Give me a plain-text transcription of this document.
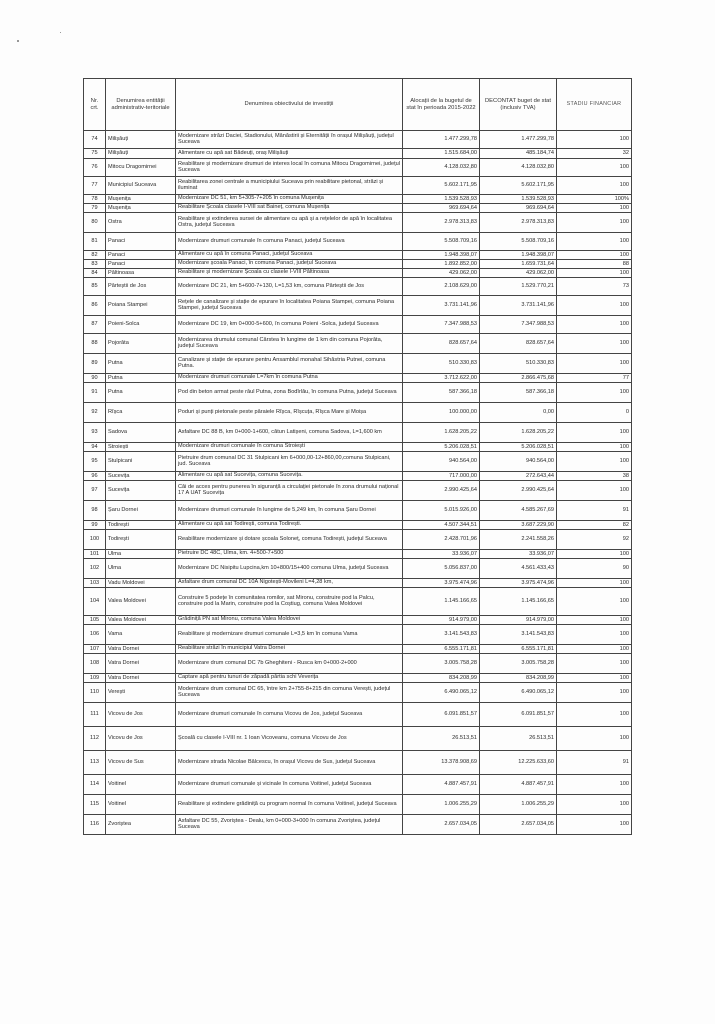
Nr. crt.	Denumirea entității administrativ-teritoriale	Denumirea obiectivului de investiții	Alocații de la bugetul de stat în perioada 2015-2022	DECONTAT buget de stat (inclusiv TVA)	STADIU FINANCIAR
74	Milișăuți	Modernizare străzi Daciei, Stadionului, Mănăstirii și Eternității în orașul Milișăuți, județul Suceava	1.477.299,78	1.477.299,78	100
75	Milișăuți	Alimentare cu apă sat Bădeuți, oraș Milișăuți	1.515.684,00	485.184,74	32
76	Mitocu Dragomirnei	Reabilitare și modernizare drumuri de interes local în comuna Mitocu Dragomirnei, județul Suceava	4.128.032,80	4.128.032,80	100
77	Municipiul Suceava	Reabilitarea zonei centrale a municipiului Suceava prin reabilitare pietonal, străzi și iluminat	5.602.171,95	5.602.171,95	100
78	Mușenița	Modernizare DC 51, km 5+305-7+205 în comuna Mușenița	1.539.528,93	1.539.528,93	100%
79	Mușenița	Reabilitare Școala clasele I-VIII sat Baineț, comuna Mușenița	969.694,64	969.694,64	100
80	Ostra	Reabilitare și extinderea sursei de alimentare cu apă și a rețelelor de apă în localitatea Ostra, județul Suceava	2.978.313,83	2.978.313,83	100
81	Panaci	Modernizare drumuri comunale în comuna Panaci, județul Suceava	5.508.709,16	5.508.709,16	100
82	Panaci	Alimentare cu apă în comuna Panaci, județul Suceava	1.948.398,07	1.948.398,07	100
83	Panaci	Modernizare școala Panaci, în comuna Panaci, județul Suceava	1.892.852,00	1.659.731,64	88
84	Păltinoasa	Reabilitare și modernizare Școala cu clasele I-VIII Păltinoasa	429.062,00	429.062,00	100
85	Pârteștii de Jos	Modernizare DC 21, km 5+600-7+130, L=1,53 km, comuna Pârteștii de Jos	2.108.629,00	1.529.770,21	73
86	Poiana Stampei	Rețele de canalizare și stație de epurare în localitatea Poiana Stampei, comuna Poiana Stampei, județul Suceava	3.731.141,96	3.731.141,96	100
87	Poieni-Solca	Modernizare DC 19, km 0+000-5+600, în comuna Poieni -Solca, județul Suceava	7.347.988,53	7.347.988,53	100
88	Pojorâta	Modernizarea drumului comunal Cârstea în lungime de 1 km din comuna Pojorâta, județul Suceava	828.657,64	828.657,64	100
89	Putna	Canalizare și stație de epurare pentru Ansamblul monahal Sihăstria Putnei, comuna Putna.	510.330,83	510.330,83	100
90	Putna	Modernizare drumuri comunale L=7km în comuna Putna	3.712.622,00	2.866.475,68	77
91	Putna	Pod din beton armat peste râul Putna, zona Bodîrlău, în comuna Putna, județul Suceava	587.366,18	587.366,18	100
92	Rîșca	Poduri și punți pietonale peste pâraiele Rîșca, Rîșcuța, Rîșca Mare și Moișa	100.000,00	0,00	0
93	Sadova	Asfaltare DC 88 B, km 0+000-1+600, cătun Latișeni, comuna Sadova, L=1,600 km	1.628.205,22	1.628.205,22	100
94	Stroiești	Modernizare drumuri comunale în comuna Stroiești	5.206.028,51	5.206.028,51	100
95	Stulpicani	Pietruire drum comunal DC 31 Stulpicani km 6+000,00-12+860,00,comuna Stulpicani, jud. Suceava	940.564,00	940.564,00	100
96	Sucevița	Alimentare cu apă sat Sucevița, comuna Sucevița.	717.000,00	272.643,44	38
97	Sucevița	Căi de acces pentru punerea în siguranță a circulației pietonale în zona drumului național 17 A UAT Sucevița	2.990.425,64	2.990.425,64	100
98	Șaru Dornei	Modernizare drumuri comunale în lungime de 5,249 km, în comuna Șaru Dornei	5.015.926,00	4.585.267,69	91
99	Todirești	Alimentare cu apă sat Todirești, comuna Todirești.	4.507.344,51	3.687.229,90	82
100	Todirești	Reabilitare modernizare și dotare școala Soloneț, comuna Todirești, județul Suceava	2.428.701,96	2.241.558,26	92
101	Ulma	Pietruire DC 48C, Ulma, km. 4+500-7+500	33.936,07	33.936,07	100
102	Ulma	Modernizare DC Nisipitu Lupcina,km 10+800/15+400 comuna Ulma, județul Suceava	5.056.837,00	4.561.433,43	90
103	Vadu Moldovei	Asfaltare drum comunal DC 10A Nigotești-Movileni L=4,28 km,	3.975.474,96	3.975.474,96	100
104	Valea Moldovei	Construire 5 podețe în comunitatea romilor, sat Mironu, construire pod la Palcu, construire pod la Marin, construire pod la Coștiug, comuna Valea Moldovei	1.145.166,65	1.145.166,65	100
105	Valea Moldovei	Grădiniță PN sat Mironu, comuna Valea Moldovei	914.979,00	914.979,00	100
106	Vama	Reabilitare și modernizare drumuri comunale L=3,5 km în comuna Vama	3.141.543,83	3.141.543,83	100
107	Vatra Dornei	Reabilitare străzi în municipiul Vatra Dornei	6.555.171,81	6.555.171,81	100
108	Vatra Dornei	Modernizare drum comunal DC 7b Gheghiteni - Rusca km 0+000-2+000	3.005.758,28	3.005.758,28	100
109	Vatra Dornei	Captare apă pentru tunuri de zăpadă pârtia schi Veverița	834.208,99	834.208,99	100
110	Verești	Modernizare drum comunal DC 65, între km 2+755-8+215 din comuna Verești, județul Suceava	6.490.065,12	6.490.065,12	100
111	Vicovu de Jos	Modernizare drumuri comunale în comuna Vicovu de Jos, județul Suceava	6.091.851,57	6.091.851,57	100
112	Vicovu de Jos	Școală cu clasele I-VIII nr. 1 Ioan Vicoveanu, comuna Vicovu de Jos	26.513,51	26.513,51	100
113	Vicovu de Sus	Modernizare strada Nicolae Bălcescu, în orașul Vicovu de Sus, județul Suceava	13.378.908,69	12.225.633,60	91
114	Voitinel	Modernizare drumuri comunale și vicinale în comuna Voitinel, județul Suceava	4.887.457,91	4.887.457,91	100
115	Voitinel	Reabilitare și extindere grădiniță cu program normal în comuna Voitinel, județul Suceava	1.006.255,29	1.006.255,29	100
116	Zvoriștea	Asfaltare DC 55, Zvoriștea - Dealu, km 0+000-3+000 în comuna Zvoriștea, județul Suceava	2.657.034,05	2.657.034,05	100
